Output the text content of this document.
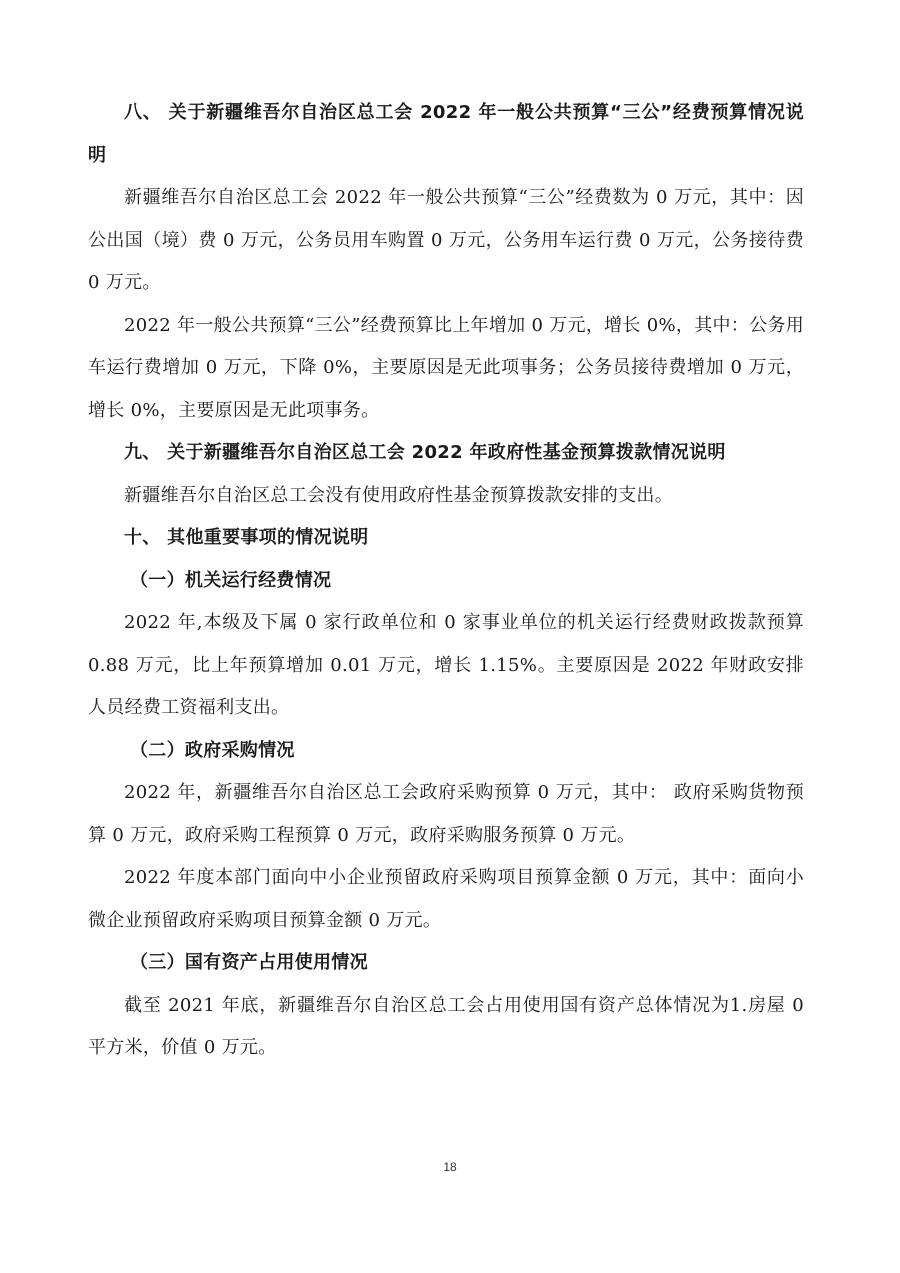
八、 关于新疆维吾尔自治区总工会 2022 年一般公共预算“三公”经费预算情况说明

新疆维吾尔自治区总工会 2022 年一般公共预算“三公”经费数为 0 万元，其中：因公出国（境）费 0 万元，公务员用车购置 0 万元，公务用车运行费 0 万元，公务接待费 0 万元。

2022 年一般公共预算“三公”经费预算比上年增加 0 万元，增长 0%，其中：公务用车运行费增加 0 万元，下降 0%，主要原因是无此项事务；公务员接待费增加 0 万元，增长 0%，主要原因是无此项事务。

九、 关于新疆维吾尔自治区总工会 2022 年政府性基金预算拨款情况说明

新疆维吾尔自治区总工会没有使用政府性基金预算拨款安排的支出。

十、 其他重要事项的情况说明

（一）机关运行经费情况

2022 年,本级及下属 0 家行政单位和 0 家事业单位的机关运行经费财政拨款预算 0.88 万元，比上年预算增加 0.01 万元，增长 1.15%。主要原因是 2022 年财政安排人员经费工资福利支出。

（二）政府采购情况

2022 年，新疆维吾尔自治区总工会政府采购预算 0 万元，其中： 政府采购货物预算 0 万元，政府采购工程预算 0 万元，政府采购服务预算 0 万元。

2022 年度本部门面向中小企业预留政府采购项目预算金额 0 万元，其中：面向小微企业预留政府采购项目预算金额 0 万元。

（三）国有资产占用使用情况

截至 2021 年底，新疆维吾尔自治区总工会占用使用国有资产总体情况为1.房屋 0 平方米，价值 0 万元。

18
